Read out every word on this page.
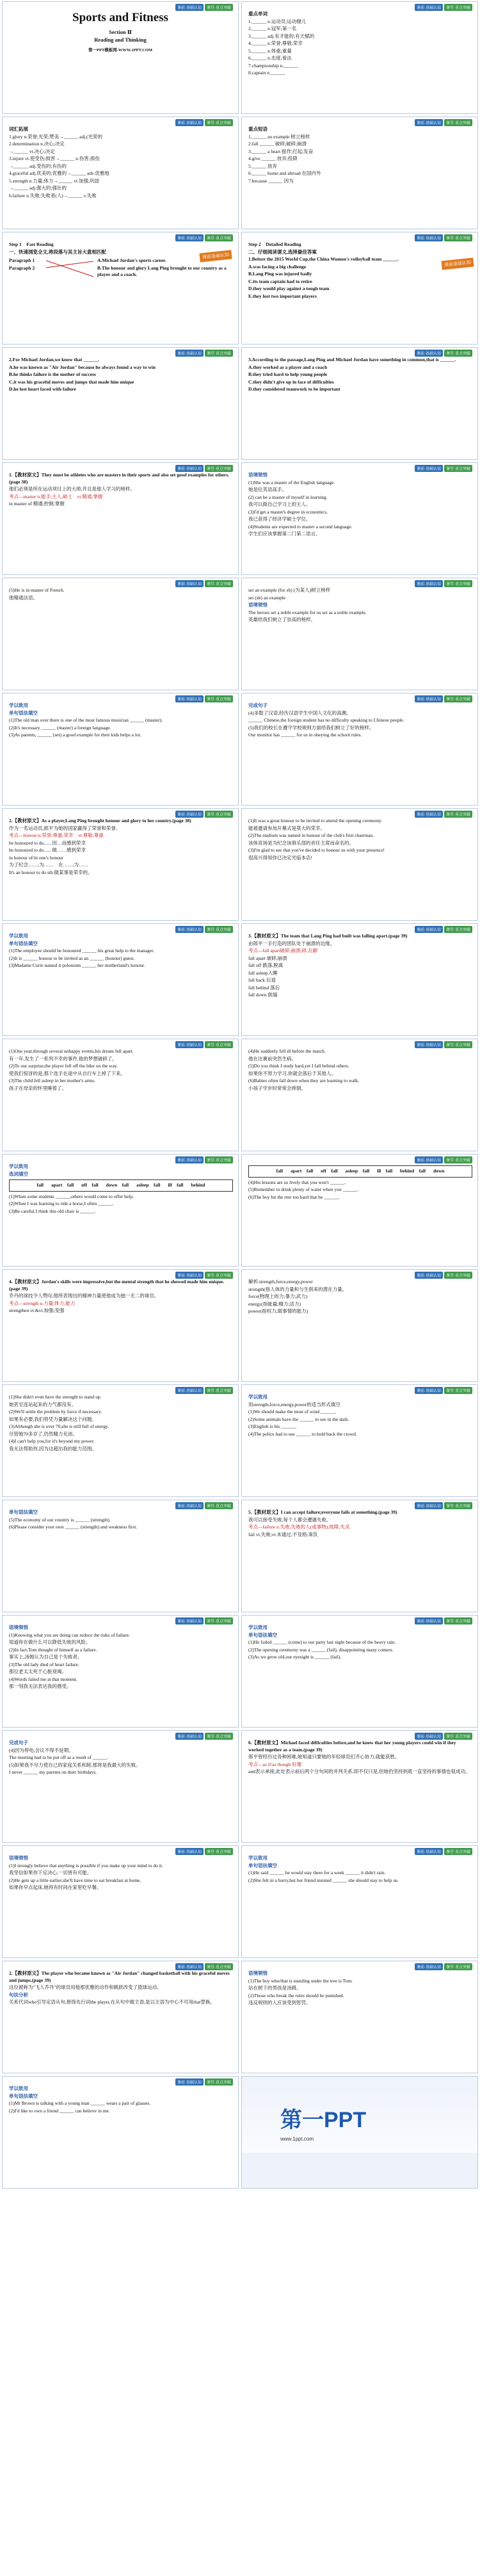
课前·基础认知	课堂·重点突破
Sports and Fitness
Section Ⅱ
Reading and Thinking
第一PPT模板网-WWW.1PPT.COM
课前·基础认知	课堂·重点突破

重点单词

1.______ n.运动员;运动健儿

2.______ n.冠军;第一名

3.______ adj.有才能的;有天赋的

4.______ n.荣誉;尊敬;荣幸

5.______ n.体重;重量

6.______ n.态度;看法

7.championship n.______

8.captain n.______

课前·基础认知	课堂·重点突破

词汇拓展

1.glory n.荣誉;光荣;赞美→______ adj.(光荣的

2.determination n.决心;决定

→______ vt.决心;决定

3.injure vt.使受伤;损害→______ n.伤害;损伤

→______ adj.受伤的;有伤的

4.graceful adj.优美的;优雅的→______ adv.优雅地

5.strength n.力量;体力→______ vt.加强;巩固

→______ adj.强大的;强壮的

6.failure n.失败;失败者(人)→______ v.失败

课前·基础认知	课堂·重点突破

重点短语

1.______ an example 树立榜样

2.fall ______ 破碎;破碎;崩溃

3.______ a heart 振作;打起;发奋

4.give ______ 放弃;投降

5.______ 放弃

6.______ home and abroad 在国内外

7.because ______ 因为

课前·基础认知	课堂·重点突破
课前基础认知

Step 1　Fast Reading

一、快速浏览全文,将段落与其主旨大意相匹配

Paragraph 1

Paragraph 2

A.Michael Jordan's sports career.

B.The honour and glory Lang Ping brought to our country as a player and a coach.

课前·基础认知	课堂·重点突破
课前基础认知

Step 2　Detailed Reading

二、仔细阅读课文,选择最佳答案

1.Before the 2015 World Cup,the China Women's volleyball team ______.

A.was facing a big challenge

B.Lang Ping was injured badly

C.its team captain had to retire

D.they would play against a tough team

E.they lost two important players

课前·基础认知	课堂·重点突破

2.For Michael Jordan,we know that ______.

A.he was known as "Air Jordan" because he always found a way to win

B.he thinks failure is the mother of success

C.it was his graceful moves and jumps that made him unique

D.he lost heart faced with failure

课前·基础认知	课堂·重点突破

3.According to the passage,Lang Ping and Michael Jordan have something in common,that is ______.

A.they worked as a player and a coach

B.they tried hard to help young people

C.they didn't give up in face of difficulties

D.they considered teamwork to be important

课前·基础认知	课堂·重点突破

1.【教材原文】They must be athletes who are masters in their sports and also set good examples for others.(page 38)

他们必须是所在运动项目上的大师,并且是他人学习的榜样。

考点—master n.能手;主人;硕士　vt.精通;掌握

in master of 精通;控制;掌握

课前·基础认知	课堂·重点突破

语境领悟

(1)She was a master of the English language.

她是位英语高手。

(2) can be a master of myself in learning.

我可以做自己学习上的主人。

(3)I'd get a master's degree in economics.

我已获得了经济学硕士学位。

(4)Students are expected to master a second language.

学生们应该掌握第二门第二语言。

课前·基础认知	课堂·重点突破

(5)He is in master of French.

他精通法语。

课前·基础认知	课堂·重点突破

set an example (for sb) (为某人)树立榜样

set (sb) an example

语境领悟

The heroes set a noble example for us set as a noble example.

英雄给我们树立了崇高的榜样。

课前·基础认知	课堂·重点突破

学以致用

单句语法填空

(1)The old man over there is one of the most famous musician ______ (master).

(2)It's necessary ______ (master) a foreign language.

(3)As parents, ______ (set) a good example for their kids helps a lot.

课前·基础认知	课堂·重点突破

完成句子

(4)多数了汉语,经历汉语学生中国人文化的高潮。

______ Chinese,the foreign student has no difficulty speaking to Chinese people.

(5)我们的校长在遵守学校规则方面给我们树立了好的榜样。

Our monitor has ______ for us in obeying the school rules.

课前·基础认知	课堂·重点突破

2.【教材原文】As a player,Lang Ping brought honour and glory to her country.(page 38)

作为一名运动员,郎平为她的国家赢得了荣誉和荣誉。

考点—honour n.荣誉;尊重;荣幸　vt.尊敬;尊重

be honoured to do...... 因…而感到荣幸

be honoured to do...... 做……感到荣幸

in honour of/in one's honour

为了纪念……;为……　在……;为……

It's an honour to do sth.做某事是荣幸的。

课前·基础认知	课堂·重点突破

(1)It was a great honour to be invited to attend the opening ceremony.

能被邀请参加开幕式是莫大的荣幸。

(2)The stadium was named in honour of the club's first chairman.

该体育场是为纪念该俱乐部的首任主席而命名的。

(3)I'm glad to see that you've decided to honour us with your presence!

很高兴得知你已决定光临本店!

课前·基础认知	课堂·重点突破

学以致用

单句语法填空

(1)The employee should be honoured ______ his great help to the manager.

(2)It is ______ honour to be invited as an ______ (honour) guest.

(3)Madame Curie named it polonium ______ her motherland's honour.

课前·基础认知	课堂·重点突破

3.【教材原文】The team that Lang Ping had built was falling apart.(page 39)

由郎平一手打造的团队处于崩溃的边缘。

考点—fall apart破碎;崩溃;碎;瓦解

fall apart 破碎,崩溃

fall off 跌落,脱离

fall asleep入睡

fall back 后退

fall behind 落后

fall down 倒塌

课前·基础认知	课堂·重点突破

(1)One year,through several unhappy events,his dream fell apart.

有一年,发生了一系列不幸的事件,他的梦想破碎了。

(2)To our surprise,the player fell off the bike on the way.

使我们惊讶的是,那个选手在途中从自行车上掉了下来。

(3)The child fell asleep in her mother's arms.

孩子在母亲的怀里睡着了。

课前·基础认知	课堂·重点突破

(4)He suddenly fell ill before the match.

他在比赛前突然生病。

(5)Do you think I study hard,yet I fall behind others.

如果你不努力学习,你就会落后于其他人。

(6)Babies often fall down when they are learning to walk.

小孩子学步时常常会摔倒。

课前·基础认知	课堂·重点突破

学以致用

选词填空

fall apart　fall off　fall down　fall asleep　fall ill　fall behind

(1)When some students ______,others would come to offer help.

(2)When I was learning to ride a horse,I often ______.

(3)Be careful.I think this old chair is ______.

课前·基础认知	课堂·重点突破
fall apart　fall off　fall asleep　fall ill　fall behind　fall down

(4)His lessons are so lively that you won't ______.

(5)Remember to drink plenty of water when you ______.

(6)The boy hit the tree too hard that he ______.

课前·基础认知	课堂·重点突破

4.【教材原文】Jordan's skills were impressive,but the mental strength that he showed made him unique.(page 39)

乔丹的球技令人赞叹,他所表现出的精神力量使他成为独一无二的球员。

考点—strength n.力量;体力;能力

strengthen vt.&vi.加强;变强

课前·基础认知	课堂·重点突破

解析:strength,force,energy,power

strength(指人体的力量和与生俱来的潜在力量。

force(物理上的力;暴力;武力)

energy(指能量;精力;活力)

power(指权力,做事情的能力)

课前·基础认知	课堂·重点突破

(1)She didn't even have the strength to stand up.

她甚至连站起来的力气都没有。

(2)We'll settle the problem by force if necessary.

如果有必要,我们将凭力量解决这个问题。

(3)Although she is over 70,she is still full of energy.

尽管她70多岁了,仍然精力充沛。

(4)I can't help you,for it's beyond my power.

我无法帮助你,因为这超出我的能力范围。

课前·基础认知	课堂·重点突破

学以致用

用strength,force,energy,power的适当形式填空

(1)We should make the most of wind ______.

(2)Some animals have the ______ to see in the dark.

(3)English is his ______.

(4)The police had to use ______ to hold back the crowd.

课前·基础认知	课堂·重点突破

单句语法填空

(5)The economy of our country is ______ (strength).

(6)Please consider your own ______ (strength) and weakness first.

课前·基础认知	课堂·重点突破

5.【教材原文】I can accept failure;everyone fails at something.(page 39)

我可以接受失败,每个人都会遭遇失败。

考点—failure n.失败;失败的人(或事物);故障;失灵

fail vi.失败;vt.未通过;不及格;辜负

课前·基础认知	课堂·重点突破

语境领悟

(1)Knowing what you are doing can reduce the risks of failure.

知道你在做什么可以降低失败的风险。

(2)In fact,Tom thought of himself as a failure.

事实上,汤姆认为自己是个失败者。

(3)The old lady died of heart failure.

那位老太太死于心脏衰竭。

(4)Words failed me at that moment.

那一刻我无法表达我的感受。

课前·基础认知	课堂·重点突破

学以致用

单句语法填空

(1)He failed ______ (come) to our party last night because of the heavy rain.

(2)The opening ceremony was a ______ (fail), disappointing many comers.

(3)As we grow old,our eyesight is ______ (fail).

课前·基础认知	课堂·重点突破

完成句子

(4)因为停电,会议不得不延期。

The meeting had to be put off as a result of ______.

(5)如果我不尽力使自己的家庭关系和睦,那将是我最大的失败。

I never ______ my parents on their birthdays.

课前·基础认知	课堂·重点突破

6.【教材原文】Michael faced difficulties before,and he knew that her young players could win if they worked together as a team.(page 39)

郎平曾经历过各种困难,她知道只要她的年轻球员们齐心协力,就能获胜。

考点—as if/as though 好像

and表示承接,此处表示前后两个分句间的并列关系,即不仅只是,但她仍坚持到底一直坚持的事情也很成功。

课前·基础认知	课堂·重点突破

语境领悟

(1)I strongly believe that anything is possible if you make up your mind to do it.

我坚信如果你下定决心,一切皆有可能。

(2)He gets up a little earlier,she'll have time to eat breakfast at home.

如果你早点起床,她将有时间在家里吃早餐。

课前·基础认知	课堂·重点突破

学以致用

单句语法填空

(1)He said ______ he would stay there for a week ______ it didn't rain.

(2)She felt in a hurry,but her friend insisted ______ she should stay to help us.

课前·基础认知	课堂·重点突破

2.【教材原文】The player who became known as "Air Jordan" changed basketball with his graceful moves and jumps.(page 39)

这位被称为"飞人乔丹"的球员用他那优雅的动作和跳跃改变了篮球运动。

句法分析

关系代词who引导定语从句,修饰先行词the player,在从句中做主语,是以主语为中心不可用that替换。

课前·基础认知	课堂·重点突破

语境领悟

(1)The boy who/that is standing under the tree is Tom.

站在树下的男孩是汤姆。

(2)Those who break the rules should be punished.

违反规则的人应该受到惩罚。

课前·基础认知	课堂·重点突破

学以致用

单句语法填空

(1)Mr Brown is talking with a young man ______ wears a pair of glasses.

(2)I'd like to own a friend ______ can believe in me.	第一PPT
www.1ppt.com
